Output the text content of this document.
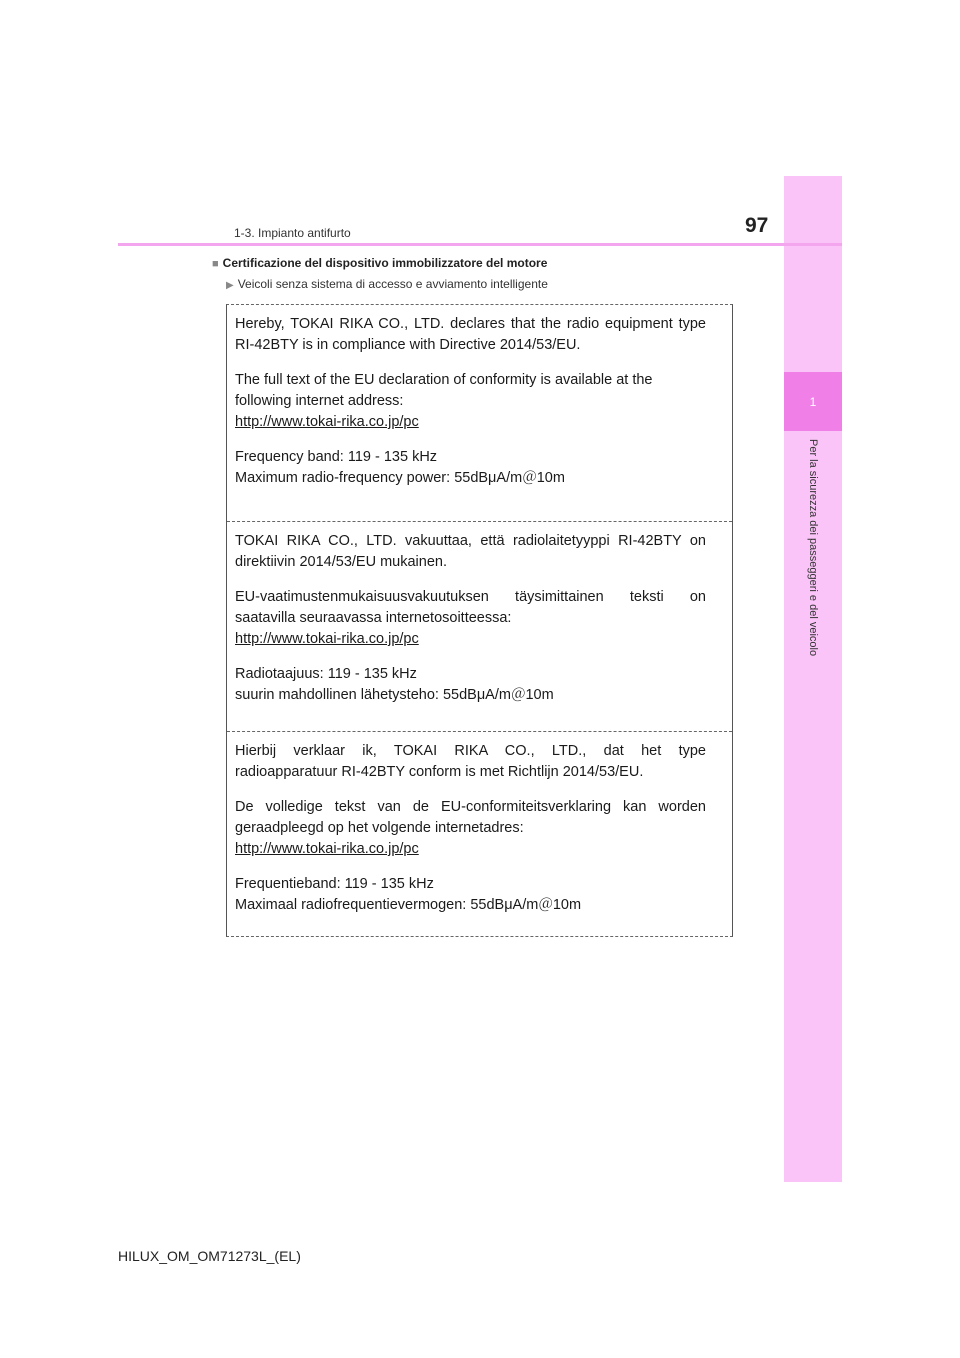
1
Per la sicurezza dei passeggeri e del veicolo
1-3. Impianto antifurto	97
■ Certificazione del dispositivo immobilizzatore del motore
▶ Veicoli senza sistema di accesso e avviamento intelligente

Hereby, TOKAI RIKA CO., LTD. declares that the radio equipment type

RI-42BTY is in compliance with Directive 2014/53/EU.

The full text of the EU declaration of conformity is available at the

following internet address:

http://www.tokai-rika.co.jp/pc

Frequency band: 119 - 135 kHz

Maximum radio-frequency power: 55dBμA/m＠10m

TOKAI RIKA CO., LTD. vakuuttaa, että radiolaitetyyppi RI-42BTY on

direktiivin 2014/53/EU mukainen.

EU-vaatimustenmukaisuusvakuutuksen täysimittainen teksti on

saatavilla seuraavassa internetosoitteessa:

http://www.tokai-rika.co.jp/pc

Radiotaajuus: 119 - 135 kHz

suurin mahdollinen lähetysteho: 55dBμA/m＠10m

Hierbij verklaar ik, TOKAI RIKA CO., LTD., dat het type

radioapparatuur RI-42BTY conform is met Richtlijn 2014/53/EU.

De volledige tekst van de EU-conformiteitsverklaring kan worden

geraadpleegd op het volgende internetadres:

http://www.tokai-rika.co.jp/pc

Frequentieband: 119 - 135 kHz

Maximaal radiofrequentievermogen: 55dBμA/m＠10m

HILUX_OM_OM71273L_(EL)
